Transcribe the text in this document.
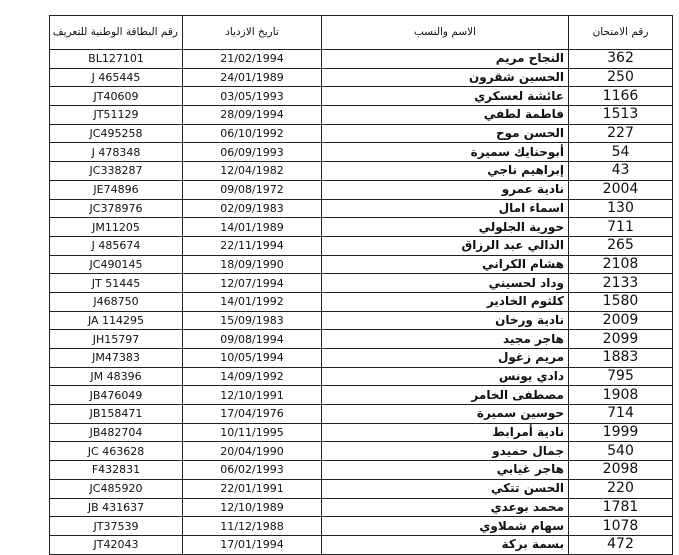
رقم البطاقة الوطنية للتعريف	تاريخ الازدياد	الاسم والنسب	رقم الامتحان
BL127101	21/02/1994	النجاح مريم	362
J 465445	24/01/1989	الحسين شقرون	250
JT40609	03/05/1993	عائشة لعسكري	1166
JT51129	28/09/1994	فاطمة لطفي	1513
JC495258	06/10/1992	الحسن موح	227
J 478348	06/09/1993	أبوحنايك سميرة	54
JC338287	12/04/1982	إبراهيم ناجي	43
JE74896	09/08/1972	نادية عمرو	2004
JC378976	02/09/1983	اسماء امال	130
JM11205	14/01/1989	حورية الجلولي	711
J 485674	22/11/1994	الدالي عبد الرزاق	265
JC490145	18/09/1990	هشام الكراني	2108
JT 51445	12/07/1994	وداد لحسيني	2133
J468750	14/01/1992	كلثوم الخادير	1580
JA 114295	15/09/1983	نادية ورخان	2009
JH15797	09/08/1994	هاجر مجيد	2099
JM47383	10/05/1994	مريم زغول	1883
JM 48396	14/09/1992	دادي يونس	795
JB476049	12/10/1991	مصطفى الخامر	1908
JB158471	17/04/1976	حوسين سميرة	714
JB482704	10/11/1995	نادية أمرابط	1999
JC 463628	20/04/1990	جمال حميدو	540
F432831	06/02/1993	هاجر غيابي	2098
JC485920	22/01/1991	الحسن تتكي	220
JB 431637	12/10/1989	محمد بوعدي	1781
JT37539	11/12/1988	سهام شملاوي	1078
JT42043	17/01/1994	بسمة بركة	472
